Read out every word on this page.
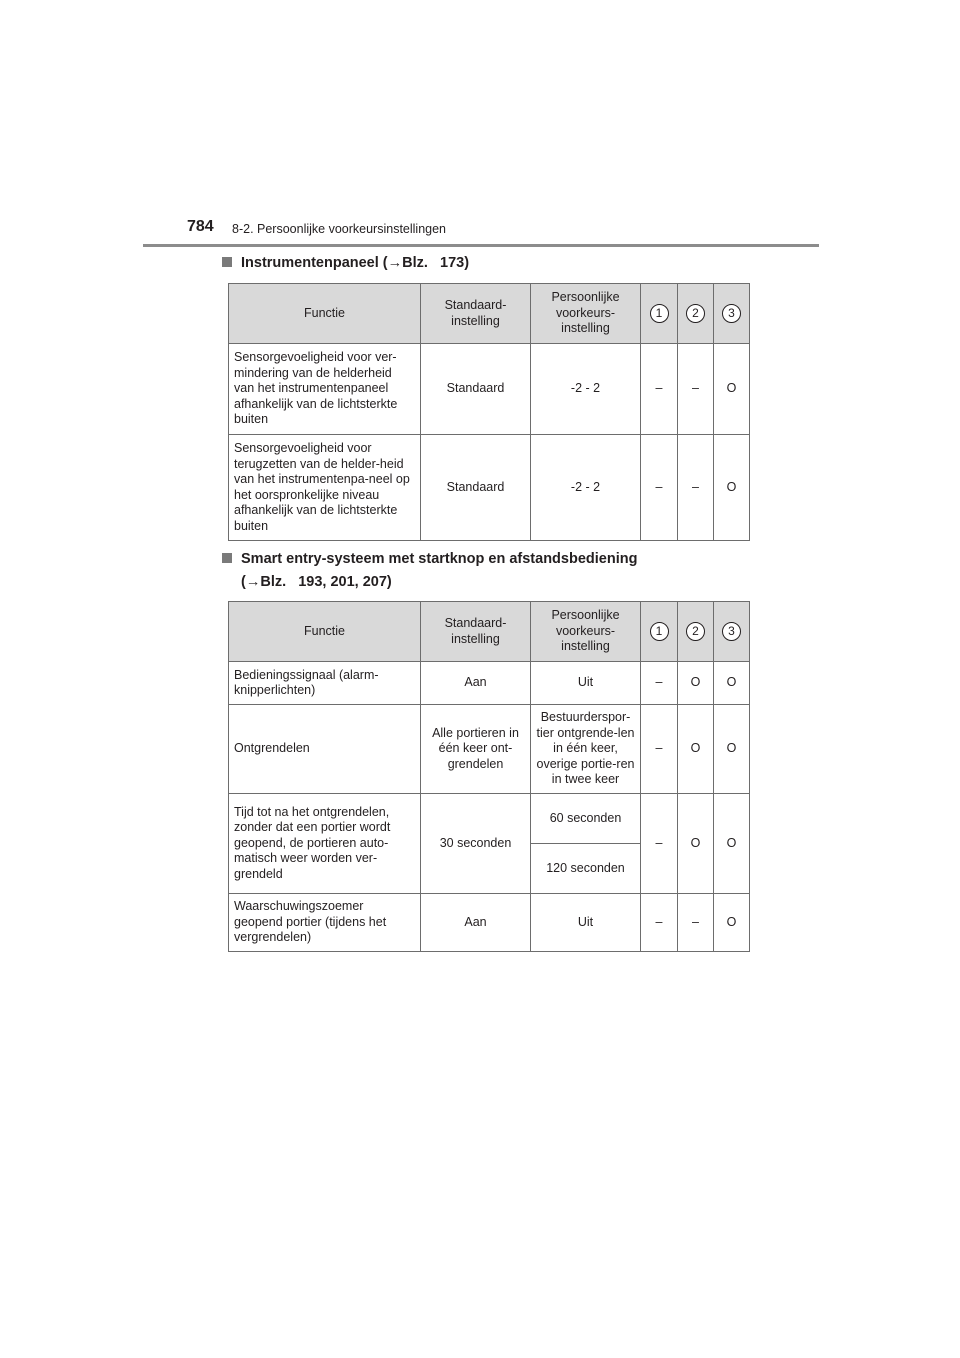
784 8-2. Persoonlijke voorkeursinstellingen
Instrumentenpaneel (→Blz.   173)
Functie	Standaard-instelling	Persoonlijke voorkeurs-instelling	1	2	3
Sensorgevoeligheid voor ver-mindering van de helderheid van het instrumentenpaneel afhankelijk van de lichtsterkte buiten	Standaard	-2 - 2	–	–	O
Sensorgevoeligheid voor terugzetten van de helder-heid van het instrumentenpa-neel op het oorspronkelijke niveau afhankelijk van de lichtsterkte buiten	Standaard	-2 - 2	–	–	O
Smart entry-systeem met startknop en afstandsbediening
(→Blz.   193, 201, 207)
Functie	Standaard-instelling	Persoonlijke voorkeurs-instelling	1	2	3
Bedieningssignaal (alarm-knipperlichten)	Aan	Uit	–	O	O
Ontgrendelen	Alle portieren in één keer ont-grendelen	Bestuurderspor-tier ontgrende-len in één keer, overige portie-ren in twee keer	–	O	O
Tijd tot na het ontgrendelen, zonder dat een portier wordt geopend, de portieren auto-matisch weer worden ver-grendeld	30 seconden	60 seconden	–	O	O
		120 seconden			
Waarschuwingszoemer geopend portier (tijdens het vergrendelen)	Aan	Uit	–	–	O
